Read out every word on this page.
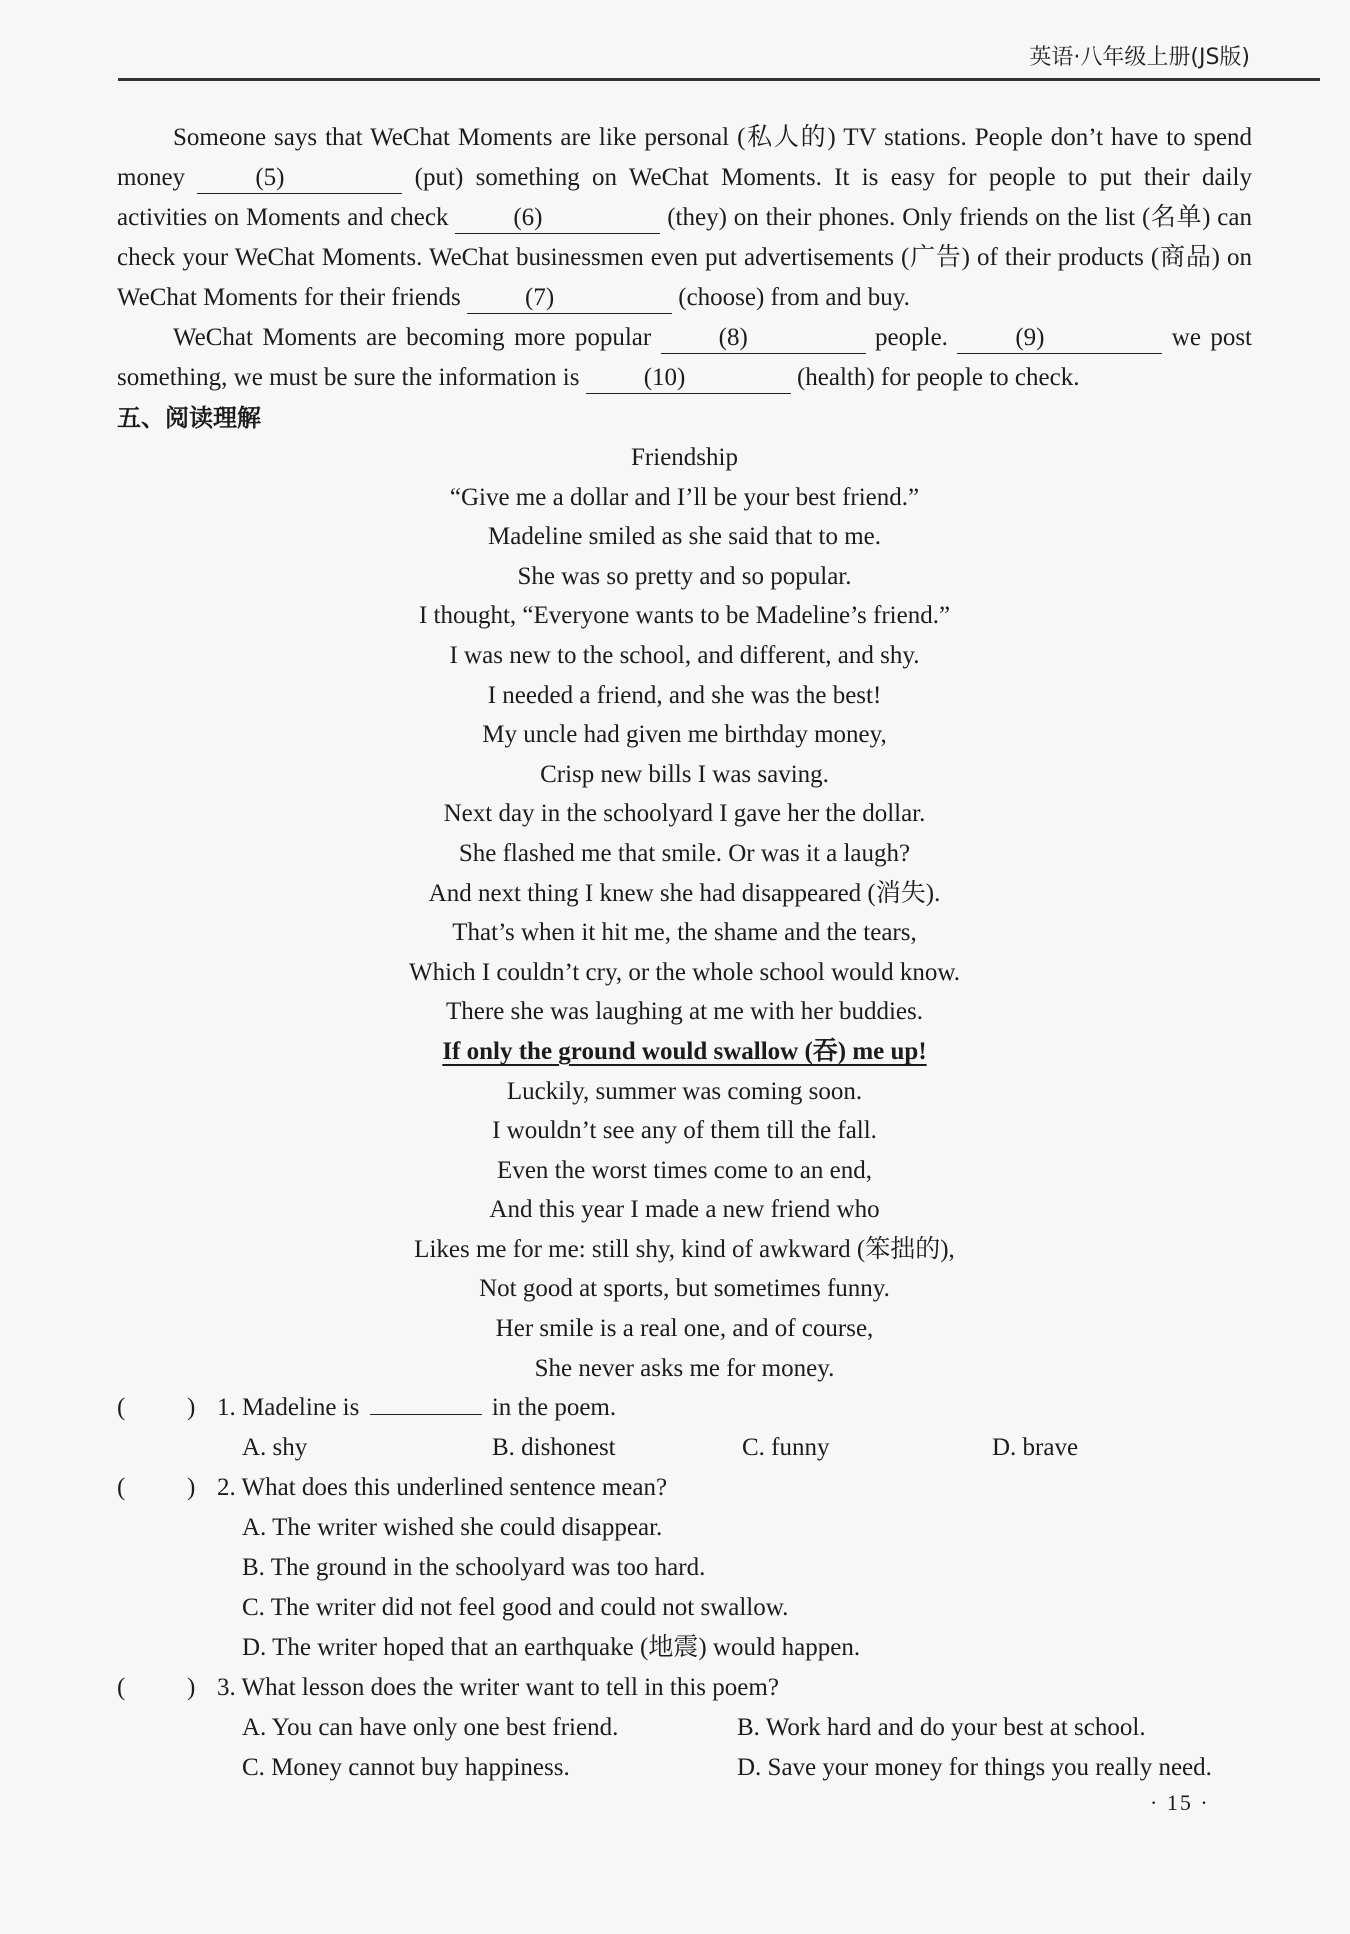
英语·八年级上册(JS版)

Someone says that WeChat Moments are like personal (私人的) TV stations. People don’t have to spend money (5)	(put) something on WeChat Moments. It is easy for people to put their daily activities on Moments and check (6)	(they) on their phones. Only friends on the list (名单) can check your WeChat Moments. WeChat businessmen even put advertisements (广告) of their products (商品) on WeChat Moments for their friends (7)	(choose) from and buy.

WeChat Moments are becoming more popular (8)	people. (9)	we post something, we must be sure the information is (10)	(health) for people to check.

五、阅读理解

Friendship
“Give me a dollar and I’ll be your best friend.”
Madeline smiled as she said that to me.
She was so pretty and so popular.
I thought, “Everyone wants to be Madeline’s friend.”
I was new to the school, and different, and shy.
I needed a friend, and she was the best!
My uncle had given me birthday money,
Crisp new bills I was saving.
Next day in the schoolyard I gave her the dollar.
She flashed me that smile. Or was it a laugh?
And next thing I knew she had disappeared (消失).
That’s when it hit me, the shame and the tears,
Which I couldn’t cry, or the whole school would know.
There she was laughing at me with her buddies.
If only the ground would swallow (吞) me up!
Luckily, summer was coming soon.
I wouldn’t see any of them till the fall.
Even the worst times come to an end,
And this year I made a new friend who
Likes me for me: still shy, kind of awkward (笨拙的),
Not good at sports, but sometimes funny.
Her smile is a real one, and of course,
She never asks me for money.
( ) 1. Madeline is	in the poem.
A. shy	B. dishonest	C. funny	D. brave
( ) 2. What does this underlined sentence mean?
A. The writer wished she could disappear.
B. The ground in the schoolyard was too hard.
C. The writer did not feel good and could not swallow.
D. The writer hoped that an earthquake (地震) would happen.
( ) 3. What lesson does the writer want to tell in this poem?
A. You can have only one best friend.	B. Work hard and do your best at school.
C. Money cannot buy happiness.	D. Save your money for things you really need.
· 15 ·
